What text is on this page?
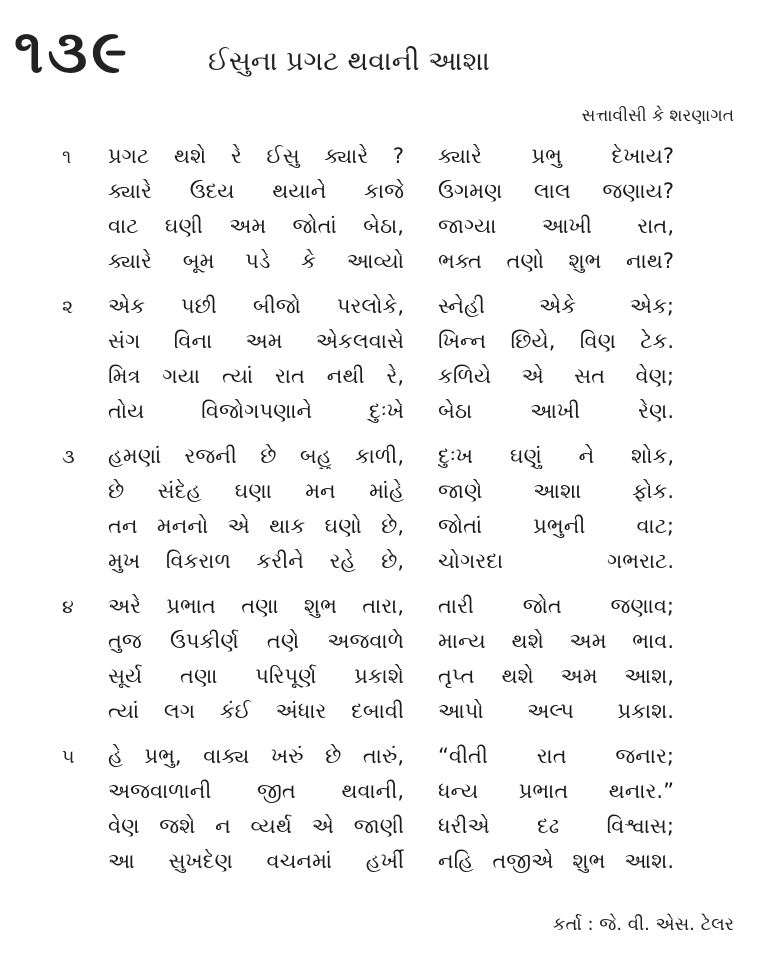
૧૩૯	ઈસુના પ્રગટ થવાની આશા
સત્તાવીસી કે શરણાગત
૧ પ્રગટ થશે રે ઈસુ ક્યારે ? ક્યારે પ્રભુ દેખાય?
ક્યારે ઉદય થયાને કાજે ઉગમણ લાલ જણાય?
વાટ ઘણી અમ જોતાં બેઠા, જાગ્યા આખી રાત,
ક્યારે બૂમ પડે કે આવ્યો ભક્ત તણો શુભ નાથ?
૨ એક પછી બીજો પરલોકે, સ્નેહી એકે એક;
સંગ વિના અમ એકલવાસે ખિન્ન છિયે, વિણ ટેક.
મિત્ર ગયા ત્યાં રાત નથી રે, કળિયે એ સત વેણ;
તોય વિજોગપણાને દુઃખે બેઠા આખી રેણ.
૩ હમણાં રજની છે બહુ કાળી, દુઃખ ઘણું ને શોક,
છે સંદેહ ઘણા મન માંહે જાણે આશા ફોક.
તન મનનો એ થાક ઘણો છે, જોતાં પ્રભુની વાટ;
મુખ વિકરાળ કરીને રહે છે, ચોગરદા ગભરાટ.
૪ અરે પ્રભાત તણા શુભ તારા, તારી જોત જણાવ;
તુજ ઉપકીર્ણ તણે અજવાળે માન્ય થશે અમ ભાવ.
સૂર્ય તણા પરિપૂર્ણ પ્રકાશે તૃપ્ત થશે અમ આશ,
ત્યાં લગ કંઈ અંધાર દબાવી આપો અલ્પ પ્રકાશ.
૫ હે પ્રભુ, વાક્ય ખરું છે તારું, “વીતી રાત જનાર;
અજવાળાની જીત થવાની, ધન્ય પ્રભાત થનાર.”
વેણ જશે ન વ્યર્થ એ જાણી ધરીએ દઢ વિશ્વાસ;
આ સુખદેણ વચનમાં હર્ખી નહિ તજીએ શુભ આશ.
કર્તા : જે. વી. એસ. ટેલર
